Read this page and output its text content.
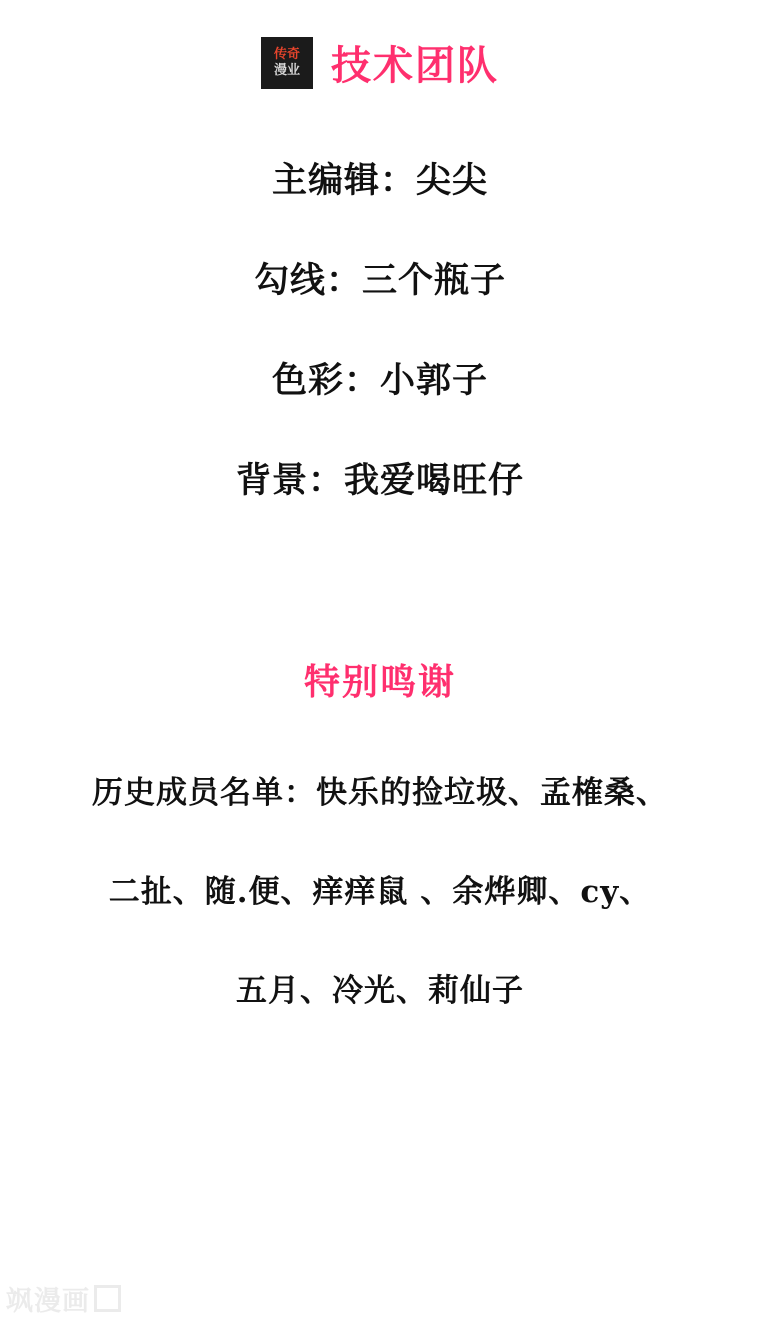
传奇
漫业 技术团队
主编辑：尖尖
勾线：三个瓶子
色彩：小郭子
背景：我爱喝旺仔
特别鸣谢
历史成员名单：快乐的捡垃圾、孟榷桑、
二扯、随.便、痒痒鼠 、余烨卿、cy、
五月、冷光、莉仙子
飒漫画
